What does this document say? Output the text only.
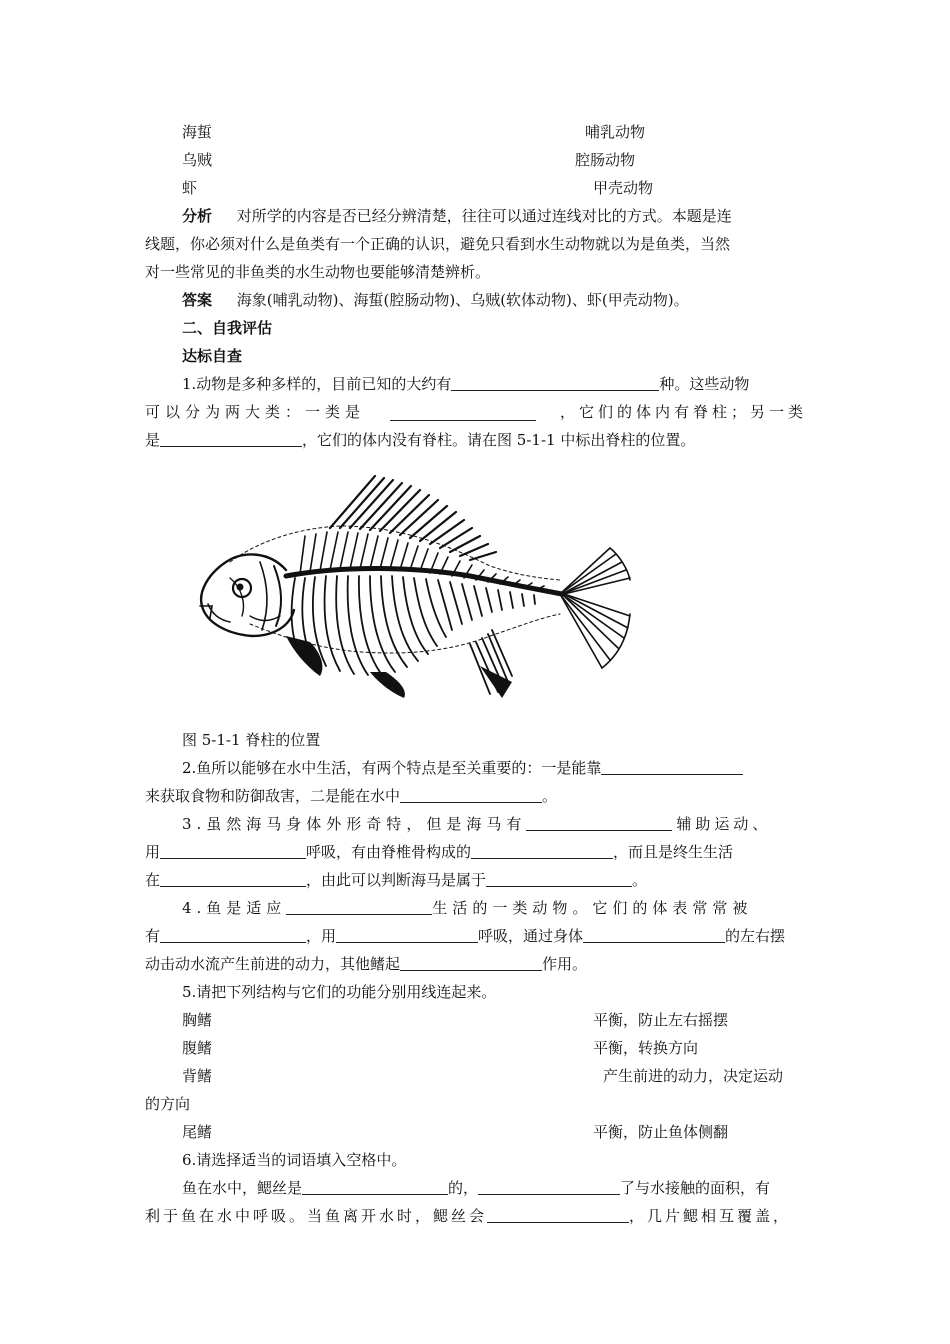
海蜇	哺乳动物
乌贼	腔肠动物
虾	甲壳动物
分析 对所学的内容是否已经分辨清楚，往往可以通过连线对比的方式。本题是连
线题，你必须对什么是鱼类有一个正确的认识，避免只看到水生动物就以为是鱼类，当然
对一些常见的非鱼类的水生动物也要能够清楚辨析。
答案 海象(哺乳动物)、海蜇(腔肠动物)、乌贼(软体动物)、虾(甲壳动物)。
二、自我评估
达标自查
1.动物是多种多样的，目前已知的大约有	种。这些动物
可以分为两大类：一类是	，它们的体内有脊柱；另一类
是	，它们的体内没有脊柱。请在图 5-1-1 中标出脊柱的位置。
图 5-1-1 脊柱的位置
2.鱼所以能够在水中生活，有两个特点是至关重要的：一是能靠
来获取食物和防御敌害，二是能在水中	。
3.虽然海马身体外形奇特，但是海马有	辅助运动、
用	呼吸，有由脊椎骨构成的	，而且是终生生活
在	，由此可以判断海马是属于	。
4.鱼是适应	生活的一类动物。它们的体表常常被
有	，用	呼吸，通过身体	的左右摆
动击动水流产生前进的动力，其他鳍起	作用。
5.请把下列结构与它们的功能分别用线连起来。
胸鳍	平衡，防止左右摇摆
腹鳍	平衡，转换方向
背鳍	产生前进的动力，决定运动
的方向
尾鳍	平衡，防止鱼体侧翻
6.请选择适当的词语填入空格中。
鱼在水中，鳃丝是	的，	了与水接触的面积，有
利于鱼在水中呼吸。当鱼离开水时，鳃丝会	，几片鳃相互覆盖，
